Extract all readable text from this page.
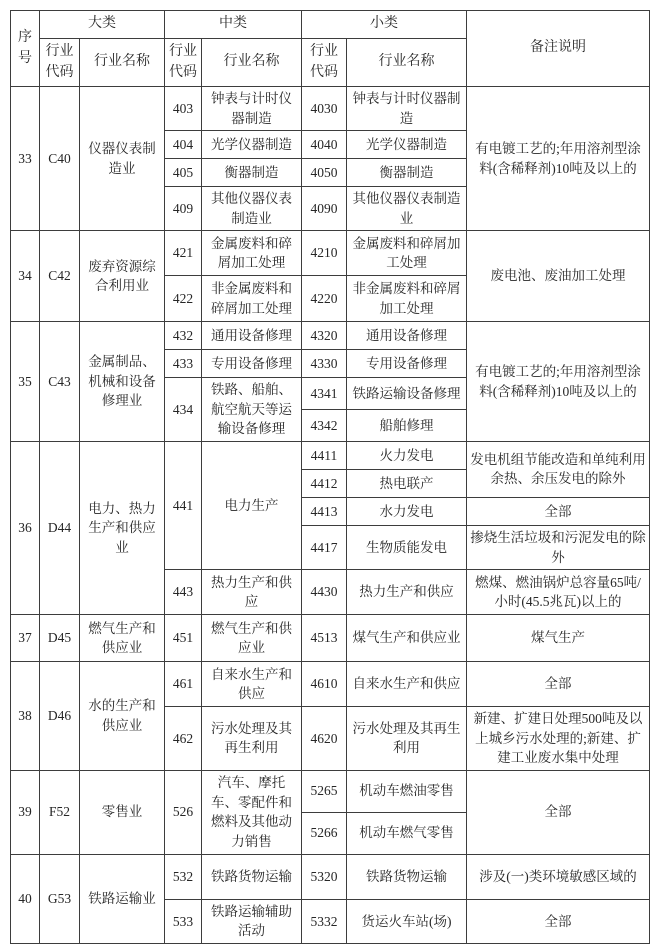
序号	大类		中类		小类		备注说明
	行业代码	行业名称	行业代码	行业名称	行业代码	行业名称	
33	C40	仪器仪表制造业	403	钟表与计时仪器制造	4030	钟表与计时仪器制造	有电镀工艺的;年用溶剂型涂料(含稀释剂)10吨及以上的
			404	光学仪器制造	4040	光学仪器制造	
			405	衡器制造	4050	衡器制造	
			409	其他仪器仪表制造业	4090	其他仪器仪表制造业	
34	C42	废弃资源综合利用业	421	金属废料和碎屑加工处理	4210	金属废料和碎屑加工处理	废电池、废油加工处理
			422	非金属废料和碎屑加工处理	4220	非金属废料和碎屑加工处理	
35	C43	金属制品、机械和设备修理业	432	通用设备修理	4320	通用设备修理	有电镀工艺的;年用溶剂型涂料(含稀释剂)10吨及以上的
			433	专用设备修理	4330	专用设备修理	
			434	铁路、船舶、航空航天等运输设备修理	4341	铁路运输设备修理	
					4342	船舶修理	
36	D44	电力、热力生产和供应业	441	电力生产	4411	火力发电	发电机组节能改造和单纯利用余热、余压发电的除外
					4412	热电联产	
					4413	水力发电	全部
					4417	生物质能发电	掺烧生活垃圾和污泥发电的除外
			443	热力生产和供应	4430	热力生产和供应	燃煤、燃油锅炉总容量65吨/小时(45.5兆瓦)以上的
37	D45	燃气生产和供应业	451	燃气生产和供应业	4513	煤气生产和供应业	煤气生产
38	D46	水的生产和供应业	461	自来水生产和供应	4610	自来水生产和供应	全部
			462	污水处理及其再生利用	4620	污水处理及其再生利用	新建、扩建日处理500吨及以上城乡污水处理的;新建、扩建工业废水集中处理
39	F52	零售业	526	汽车、摩托车、零配件和燃料及其他动力销售	5265	机动车燃油零售	全部
					5266	机动车燃气零售	
40	G53	铁路运输业	532	铁路货物运输	5320	铁路货物运输	涉及(一)类环境敏感区域的
			533	铁路运输辅助活动	5332	货运火车站(场)	全部
